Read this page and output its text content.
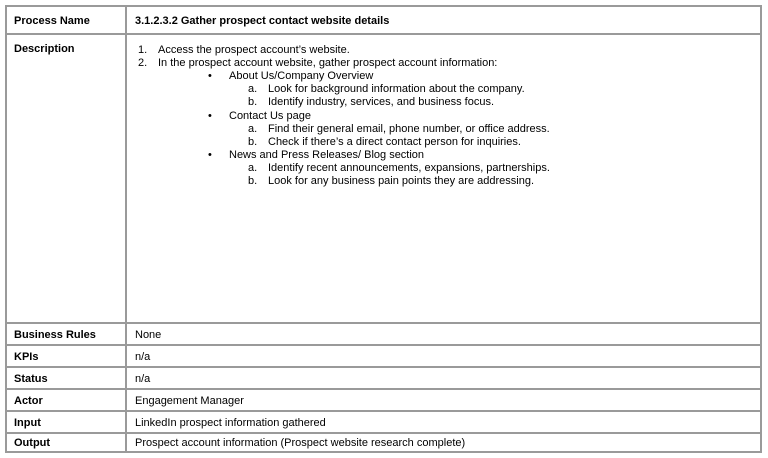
Process Name	3.1.2.3.2 Gather prospect contact website details
Description	1. Access the prospect account’s website.
2. In the prospect account website, gather prospect account information:
• About Us/Company Overview
a. Look for background information about the company.
b. Identify industry, services, and business focus.
• Contact Us page
a. Find their general email, phone number, or office address.
b. Check if there’s a direct contact person for inquiries.
• News and Press Releases/ Blog section
a. Identify recent announcements, expansions, partnerships.
b. Look for any business pain points they are addressing.
Business Rules	None
KPIs	n/a
Status	n/a
Actor	Engagement Manager
Input	LinkedIn prospect information gathered
Output	Prospect account information (Prospect website research complete)
